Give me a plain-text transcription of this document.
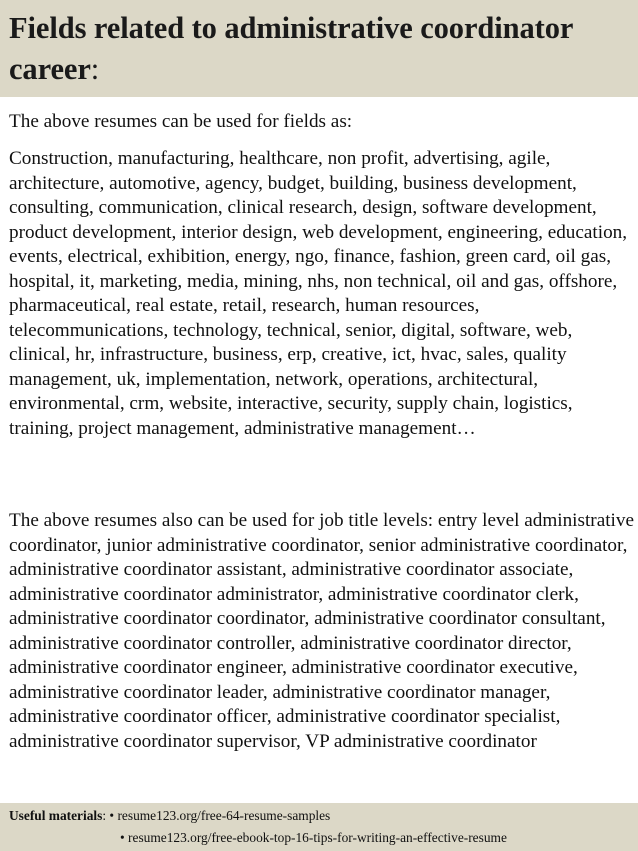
Fields related to administrative coordinator career:

The above resumes can be used for fields as:

Construction, manufacturing, healthcare, non profit, advertising, agile, architecture, automotive, agency, budget, building, business development, consulting, communication, clinical research, design, software development, product development, interior design, web development, engineering, education, events, electrical, exhibition, energy, ngo, finance, fashion, green card, oil gas, hospital, it, marketing, media, mining, nhs, non technical, oil and gas, offshore, pharmaceutical, real estate, retail, research, human resources, telecommunications, technology, technical, senior, digital, software, web, clinical, hr, infrastructure, business, erp, creative, ict, hvac, sales, quality management, uk, implementation, network, operations, architectural, environmental, crm, website, interactive, security, supply chain, logistics, training, project management, administrative management…

The above resumes also can be used for job title levels: entry level administrative coordinator, junior administrative coordinator, senior administrative coordinator, administrative coordinator assistant, administrative coordinator associate, administrative coordinator administrator, administrative coordinator clerk, administrative coordinator coordinator, administrative coordinator consultant, administrative coordinator controller, administrative coordinator director, administrative coordinator engineer, administrative coordinator executive, administrative coordinator leader, administrative coordinator manager, administrative coordinator officer, administrative coordinator specialist, administrative coordinator supervisor, VP administrative coordinator

Useful materials: • resume123.org/free-64-resume-samples
• resume123.org/free-ebook-top-16-tips-for-writing-an-effective-resume
